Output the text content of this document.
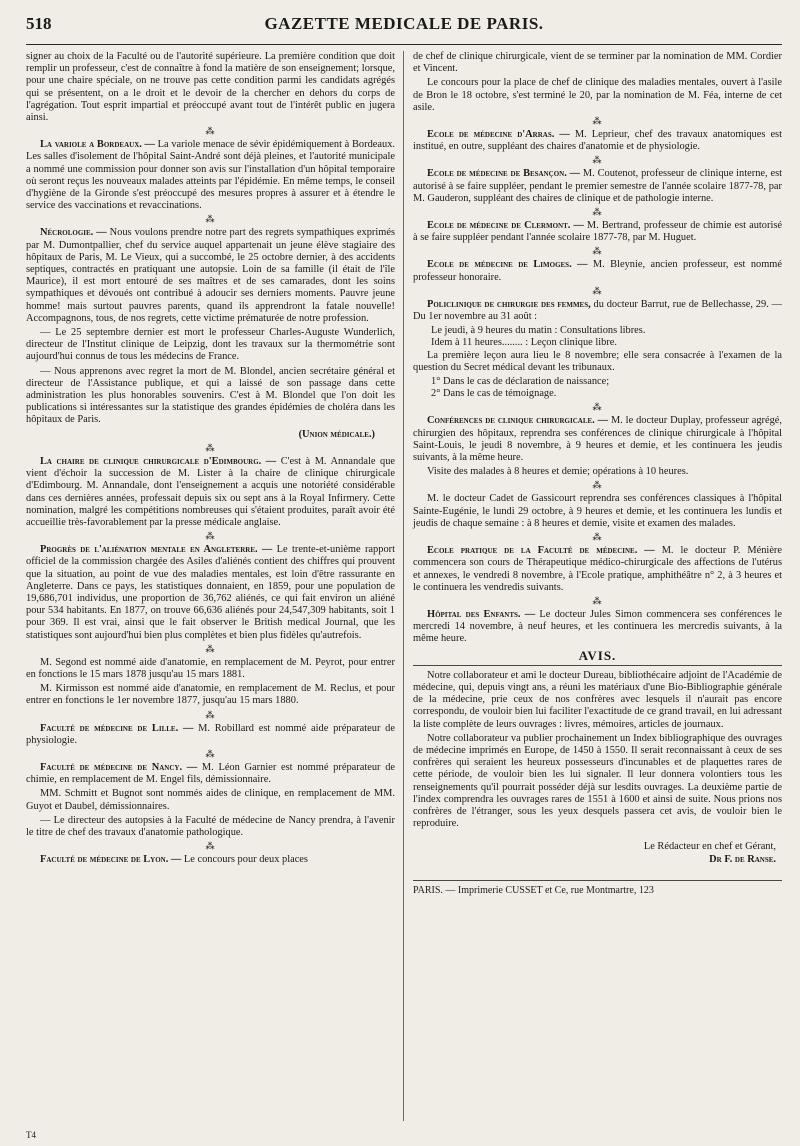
518	GAZETTE MEDICALE DE PARIS.

signer au choix de la Faculté ou de l'autorité supérieure. La première condition que doit remplir un professeur, c'est de connaître à fond la matière de son enseignement; lorsque, pour une chaire spéciale, on ne trouve pas cette condition parmi les candidats agrégés qui se présentent, on a le droit et le devoir de la chercher en dehors du corps de l'agrégation. Tout esprit impartial et préoccupé avant tout de l'intérêt public en jugera ainsi.

⁂

La variole a Bordeaux. — La variole menace de sévir épidémiquement à Bordeaux. Les salles d'isolement de l'hôpital Saint-André sont déjà pleines, et l'autorité municipale a nommé une commission pour donner son avis sur l'installation d'un hôpital temporaire où seront reçus les nouveaux malades atteints par l'épidémie. En même temps, le conseil d'hygiène de la Gironde s'est préoccupé des mesures propres à assurer et à étendre le service des vaccinations et revaccinations.

⁂

Nécrologie. — Nous voulons prendre notre part des regrets sympathiques exprimés par M. Dumontpallier, chef du service auquel appartenait un jeune élève stagiaire des hôpitaux de Paris, M. Le Vieux, qui a succombé, le 25 octobre dernier, à des accidents septiques, contractés en pratiquant une autopsie. Loin de sa famille (il était de l'île Maurice), il est mort entouré de ses maîtres et de ses camarades, dont les soins sympathiques et dévoués ont contribué à adoucir ses derniers moments. Pauvre jeune homme! mais surtout pauvres parents, quand ils apprendront la fatale nouvelle! Accompagnons, tous, de nos regrets, cette victime prématurée de notre profession.

— Le 25 septembre dernier est mort le professeur Charles-Auguste Wunderlich, directeur de l'Institut clinique de Leipzig, dont les travaux sur la thermométrie sont aujourd'hui connus de tous les médecins de France.

— Nous apprenons avec regret la mort de M. Blondel, ancien secrétaire général et directeur de l'Assistance publique, et qui a laissé de son passage dans cette administration les plus honorables souvenirs. C'est à M. Blondel que l'on doit les publications si intéressantes sur la statistique des grandes épidémies de choléra dans les hôpitaux de Paris.

(Union médicale.)
⁂

La chaire de clinique chirurgicale d'Edimbourg. — C'est à M. Annandale que vient d'échoir la succession de M. Lister à la chaire de clinique chirurgicale d'Edimbourg. M. Annandale, dont l'enseignement a acquis une notoriété considérable dans ces dernières années, professait depuis six ou sept ans à la Royal Infirmery. Cette nomination, malgré les compétitions nombreuses qui s'étaient produites, paraît avoir été accueillie très-favorablement par la presse médicale anglaise.

⁂

Progrès de l'aliénation mentale en Angleterre. — Le trente-et-unième rapport officiel de la commission chargée des Asiles d'aliénés contient des chiffres qui prouvent que la situation, au point de vue des maladies mentales, est loin d'être rassurante en Angleterre. Dans ce pays, les statistiques donnaient, en 1859, pour une population de 19,686,701 individus, une proportion de 36,762 aliénés, ce qui fait environ un aliéné pour 534 habitants. En 1877, on trouve 66,636 aliénés pour 24,547,309 habitants, soit 1 pour 369. Il est vrai, ainsi que le fait observer le British medical Journal, que les statistiques sont aujourd'hui bien plus complètes et bien plus fidèles qu'autrefois.

⁂

M. Segond est nommé aide d'anatomie, en remplacement de M. Peyrot, pour entrer en fonctions le 15 mars 1878 jusqu'au 15 mars 1881.

M. Kirmisson est nommé aide d'anatomie, en remplacement de M. Reclus, et pour entrer en fonctions le 1er novembre 1877, jusqu'au 15 mars 1880.

⁂

Faculté de médecine de Lille. — M. Robillard est nommé aide préparateur de physiologie.

⁂

Faculté de médecine de Nancy. — M. Léon Garnier est nommé préparateur de chimie, en remplacement de M. Engel fils, démissionnaire.

MM. Schmitt et Bugnot sont nommés aides de clinique, en remplacement de MM. Guyot et Daubel, démissionnaires.

— Le directeur des autopsies à la Faculté de médecine de Nancy prendra, à l'avenir le titre de chef des travaux d'anatomie pathologique.

⁂

Faculté de médecine de Lyon. — Le concours pour deux places

de chef de clinique chirurgicale, vient de se terminer par la nomination de MM. Cordier et Vincent.

Le concours pour la place de chef de clinique des maladies mentales, ouvert à l'asile de Bron le 18 octobre, s'est terminé le 20, par la nomination de M. Féa, interne de cet asile.

⁂

Ecole de médecine d'Arras. — M. Leprieur, chef des travaux anatomiques est institué, en outre, suppléant des chaires d'anatomie et de physiologie.

⁂

Ecole de médecine de Besançon. — M. Coutenot, professeur de clinique interne, est autorisé à se faire suppléer, pendant le premier semestre de l'année scolaire 1877-78, par M. Gauderon, suppléant des chaires de clinique et de pathologie interne.

⁂

Ecole de médecine de Clermont. — M. Bertrand, professeur de chimie est autorisé à se faire suppléer pendant l'année scolaire 1877-78, par M. Huguet.

⁂

Ecole de médecine de Limoges. — M. Bleynie, ancien professeur, est nommé professeur honoraire.

⁂

Policlinique de chirurgie des femmes, du docteur Barrut, rue de Bellechasse, 29. — Du 1er novembre au 31 août :

Le jeudi, à 9 heures du matin : Consultations libres.

Idem à 11 heures........ : Leçon clinique libre.

La première leçon aura lieu le 8 novembre; elle sera consacrée à l'examen de la question du Secret médical devant les tribunaux.

1° Dans le cas de déclaration de naissance;

2° Dans le cas de témoignage.

⁂

Conférences de clinique chirurgicale. — M. le docteur Duplay, professeur agrégé, chirurgien des hôpitaux, reprendra ses conférences de clinique chirurgicale à l'hôpital Saint-Louis, le jeudi 8 novembre, à 9 heures et demie, et les continuera les jeudis suivants, à la même heure.

Visite des malades à 8 heures et demie; opérations à 10 heures.

⁂

M. le docteur Cadet de Gassicourt reprendra ses conférences classiques à l'hôpital Sainte-Eugénie, le lundi 29 octobre, à 9 heures et demie, et les continuera les lundis et jeudis de chaque semaine : à 8 heures et demie, visite et examen des malades.

⁂

Ecole pratique de la Faculté de médecine. — M. le docteur P. Ménière commencera son cours de Thérapeutique médico-chirurgicale des affections de l'utérus et annexes, le vendredi 8 novembre, à l'Ecole pratique, amphithéâtre n° 2, à 3 heures et le continuera les vendredis suivants.

⁂

Hôpital des Enfants. — Le docteur Jules Simon commencera ses conférences le mercredi 14 novembre, à neuf heures, et les continuera les mercredis suivants, à la même heure.

AVIS.

Notre collaborateur et ami le docteur Dureau, bibliothécaire adjoint de l'Académie de médecine, qui, depuis vingt ans, a réuni les matériaux d'une Bio-Bibliographie générale de la médecine, prie ceux de nos confrères avec lesquels il n'aurait pas encore correspondu, de vouloir bien lui faciliter l'exactitude de ce grand travail, en lui adressant la liste complète de leurs ouvrages : livres, mémoires, articles de journaux.

Notre collaborateur va publier prochainement un Index bibliographique des ouvrages de médecine imprimés en Europe, de 1450 à 1550. Il serait reconnaissant à ceux de ses confrères qui seraient les heureux possesseurs d'incunables et de plaquettes rares de cette période, de vouloir bien les lui signaler. Il leur donnera volontiers tous les renseignements qu'il pourrait posséder déjà sur lesdits ouvrages. La deuxième partie de l'index comprendra les ouvrages rares de 1551 à 1600 et ainsi de suite. Nous prions nos confrères de l'étranger, sous les yeux desquels passera cet avis, de vouloir bien le reproduire.

Le Rédacteur en chef et Gérant,
Dr F. de Ranse.
PARIS. — Imprimerie CUSSET et Ce, rue Montmartre, 123
T4
